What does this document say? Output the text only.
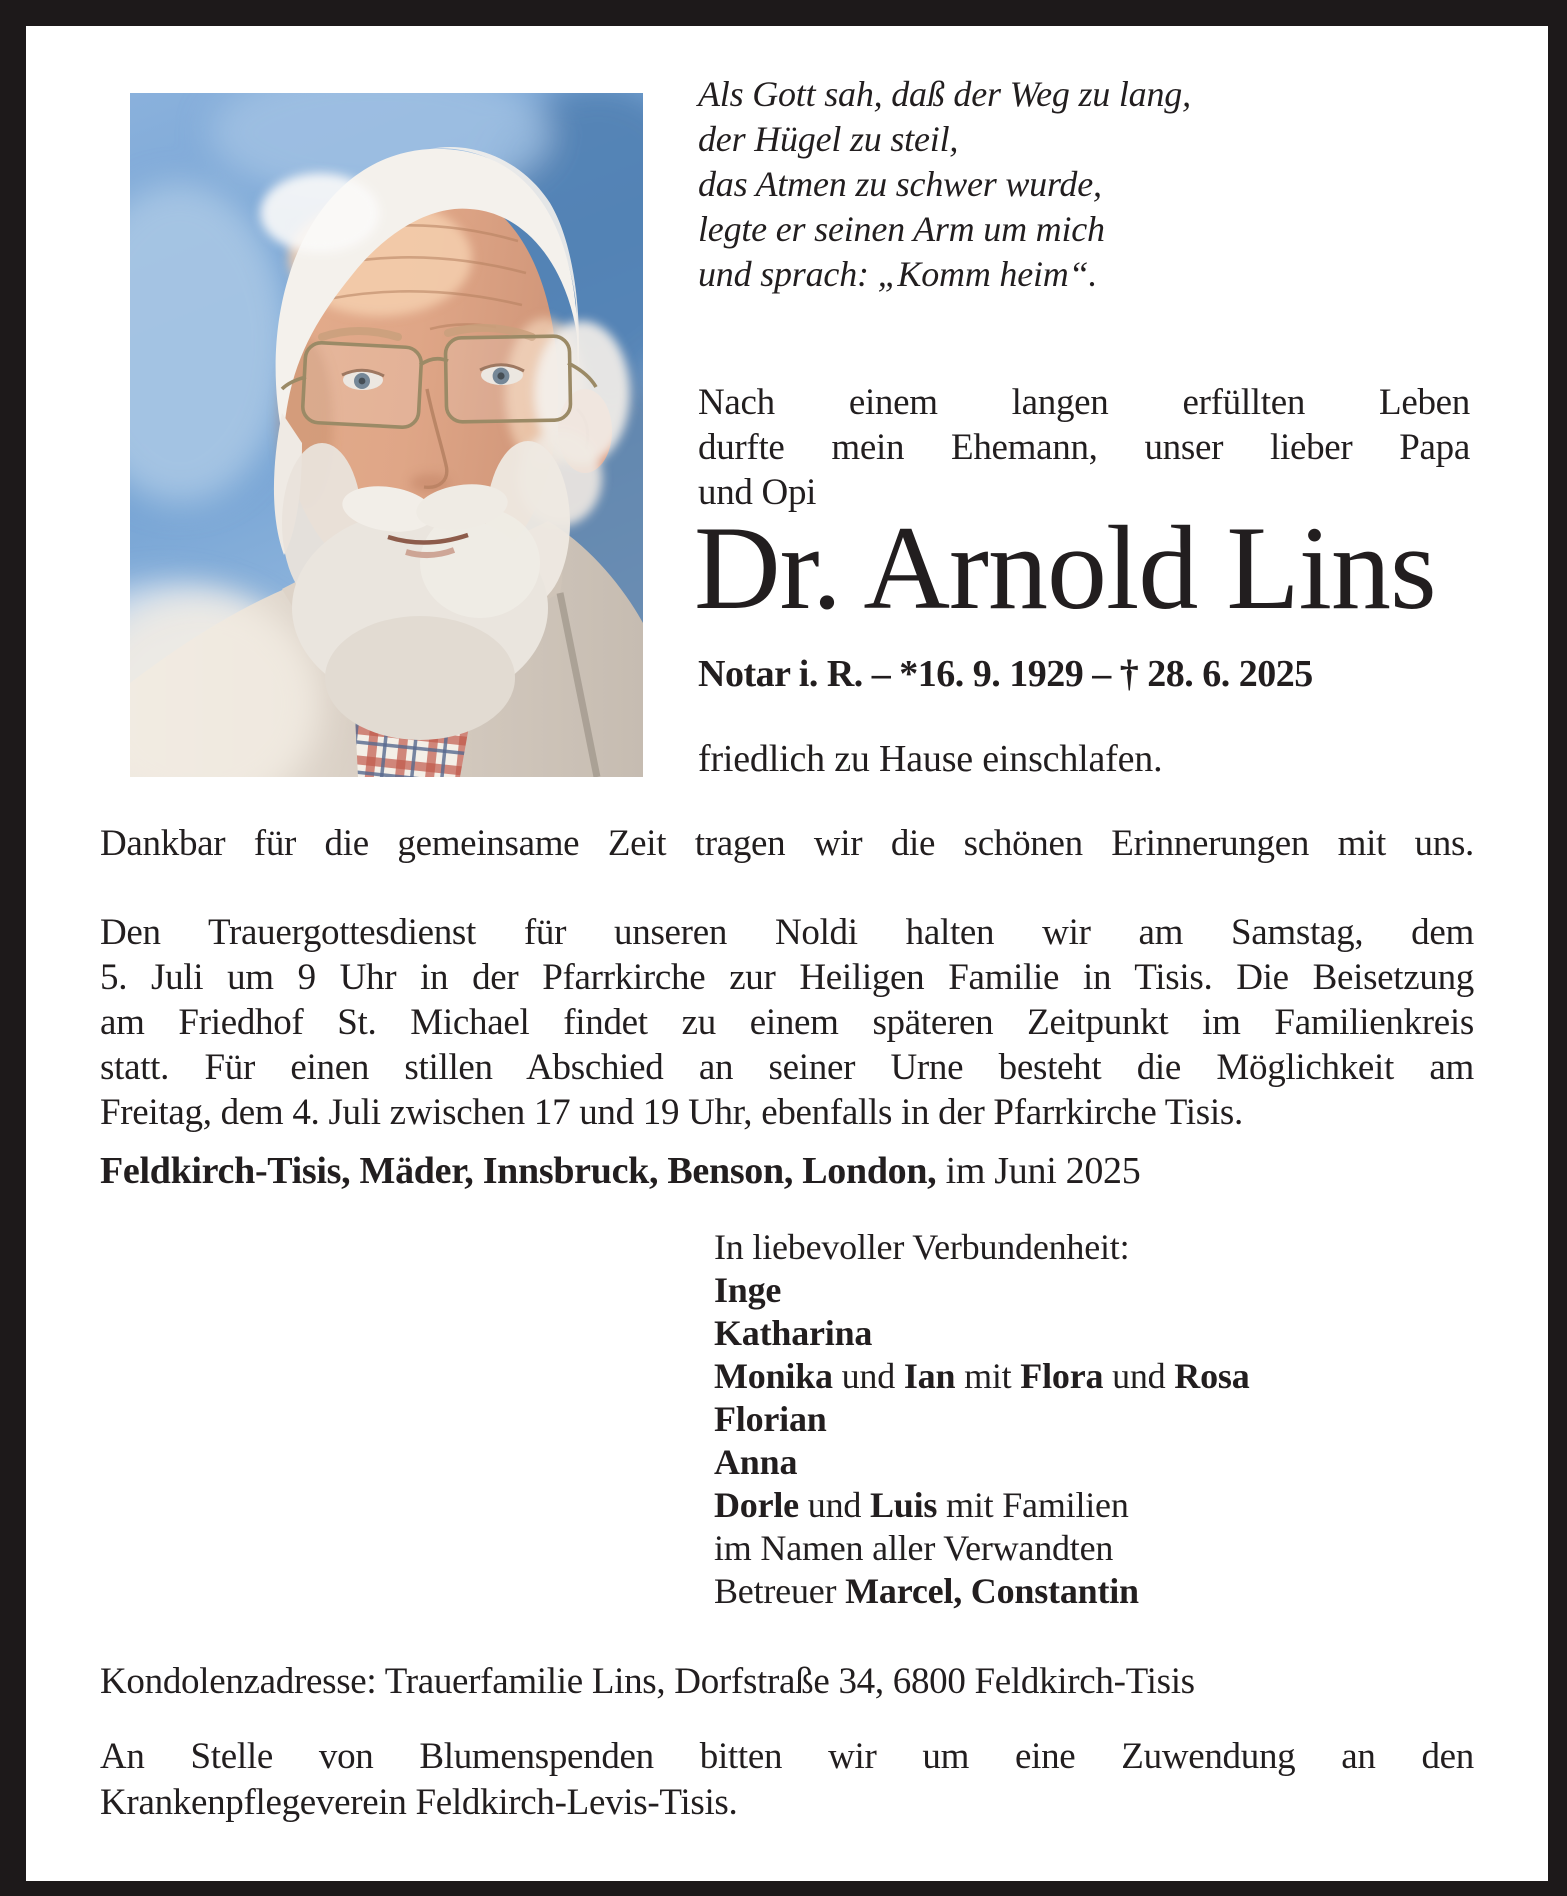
Als Gott sah, daß der Weg zu lang,
der Hügel zu steil,
das Atmen zu schwer wurde,
legte er seinen Arm um mich
und sprach: „Komm heim“.
Nach einem langen erfüllten Leben
durfte mein Ehemann, unser lieber Papa
und Opi
Dr. Arnold Lins
Notar i. R. – *16. 9. 1929 – † 28. 6. 2025
friedlich zu Hause einschlafen.
Dankbar für die gemeinsame Zeit tragen wir die schönen Erinnerungen mit uns.
Den Trauergottesdienst für unseren Noldi halten wir am Samstag, dem
5. Juli um 9 Uhr in der Pfarrkirche zur Heiligen Familie in Tisis. Die Beisetzung
am Friedhof St. Michael findet zu einem späteren Zeitpunkt im Familienkreis
statt. Für einen stillen Abschied an seiner Urne besteht die Möglichkeit am
Freitag, dem 4. Juli zwischen 17 und 19 Uhr, ebenfalls in der Pfarrkirche Tisis.
Feldkirch-Tisis, Mäder, Innsbruck, Benson, London, im Juni 2025
In liebevoller Verbundenheit:
Inge
Katharina
Monika und Ian mit Flora und Rosa
Florian
Anna
Dorle und Luis mit Familien
im Namen aller Verwandten
Betreuer Marcel, Constantin
Kondolenzadresse: Trauerfamilie Lins, Dorfstraße 34, 6800 Feldkirch-Tisis
An Stelle von Blumenspenden bitten wir um eine Zuwendung an den
Krankenpflegeverein Feldkirch-Levis-Tisis.
